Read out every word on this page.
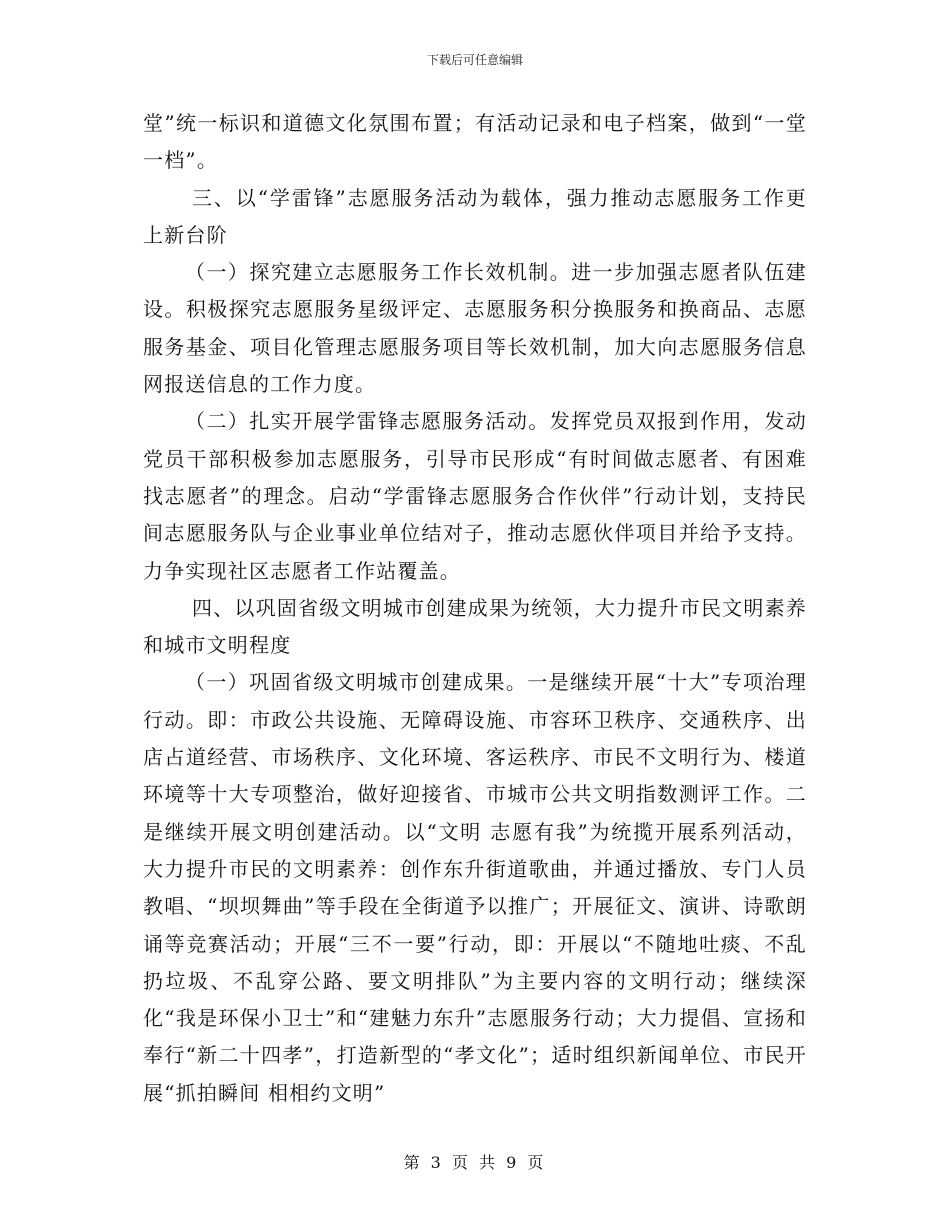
下载后可任意编辑

堂”统一标识和道德文化氛围布置；有活动记录和电子档案，做到“一堂一档”。

三、以“学雷锋”志愿服务活动为载体，强力推动志愿服务工作更上新台阶

（一）探究建立志愿服务工作长效机制。进一步加强志愿者队伍建设。积极探究志愿服务星级评定、志愿服务积分换服务和换商品、志愿服务基金、项目化管理志愿服务项目等长效机制，加大向志愿服务信息网报送信息的工作力度。

（二）扎实开展学雷锋志愿服务活动。发挥党员双报到作用，发动党员干部积极参加志愿服务，引导市民形成“有时间做志愿者、有困难找志愿者”的理念。启动“学雷锋志愿服务合作伙伴”行动计划，支持民间志愿服务队与企业事业单位结对子，推动志愿伙伴项目并给予支持。力争实现社区志愿者工作站覆盖。

四、以巩固省级文明城市创建成果为统领，大力提升市民文明素养和城市文明程度

（一）巩固省级文明城市创建成果。一是继续开展“十大”专项治理行动。即：市政公共设施、无障碍设施、市容环卫秩序、交通秩序、出店占道经营、市场秩序、文化环境、客运秩序、市民不文明行为、楼道环境等十大专项整治，做好迎接省、市城市公共文明指数测评工作。二是继续开展文明创建活动。以“文明 志愿有我”为统揽开展系列活动，大力提升市民的文明素养：创作东升街道歌曲，并通过播放、专门人员教唱、“坝坝舞曲”等手段在全街道予以推广；开展征文、演讲、诗歌朗诵等竞赛活动；开展“三不一要”行动，即：开展以“不随地吐痰、不乱扔垃圾、不乱穿公路、要文明排队”为主要内容的文明行动；继续深化“我是环保小卫士”和“建魅力东升”志愿服务行动；大力提倡、宣扬和奉行“新二十四孝”，打造新型的“孝文化”；适时组织新闻单位、市民开展“抓拍瞬间 相相约文明”

第 3 页 共 9 页
